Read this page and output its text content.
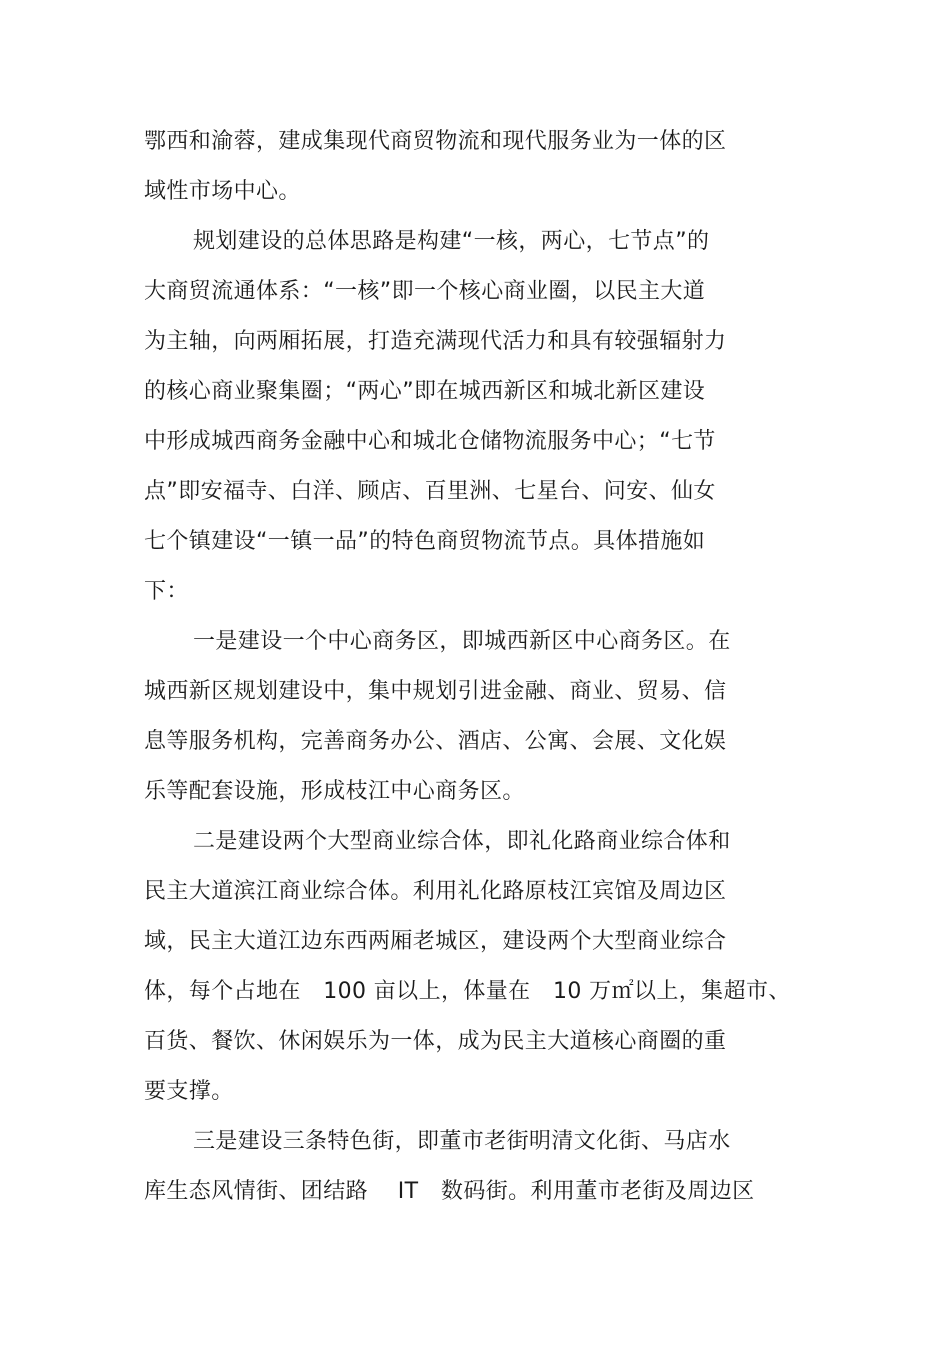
鄂西和渝蓉，建成集现代商贸物流和现代服务业为一体的区
域性市场中心。
规划建设的总体思路是构建“一核，两心，七节点”的
大商贸流通体系：“一核”即一个核心商业圈，以民主大道
为主轴，向两厢拓展，打造充满现代活力和具有较强辐射力
的核心商业聚集圈；“两心”即在城西新区和城北新区建设
中形成城西商务金融中心和城北仓储物流服务中心；“七节
点”即安福寺、白洋、顾店、百里洲、七星台、问安、仙女
七个镇建设“一镇一品”的特色商贸物流节点。具体措施如
下：
一是建设一个中心商务区，即城西新区中心商务区。在
城西新区规划建设中，集中规划引进金融、商业、贸易、信
息等服务机构，完善商务办公、酒店、公寓、会展、文化娱
乐等配套设施，形成枝江中心商务区。
二是建设两个大型商业综合体，即礼化路商业综合体和
民主大道滨江商业综合体。利用礼化路原枝江宾馆及周边区
域，民主大道江边东西两厢老城区，建设两个大型商业综合
体，每个占地在　100 亩以上，体量在　10 万㎡以上，集超市、
百货、餐饮、休闲娱乐为一体，成为民主大道核心商圈的重
要支撑。
三是建设三条特色街，即董市老街明清文化街、马店水
库生态风情街、团结路　 IT　数码街。利用董市老街及周边区
